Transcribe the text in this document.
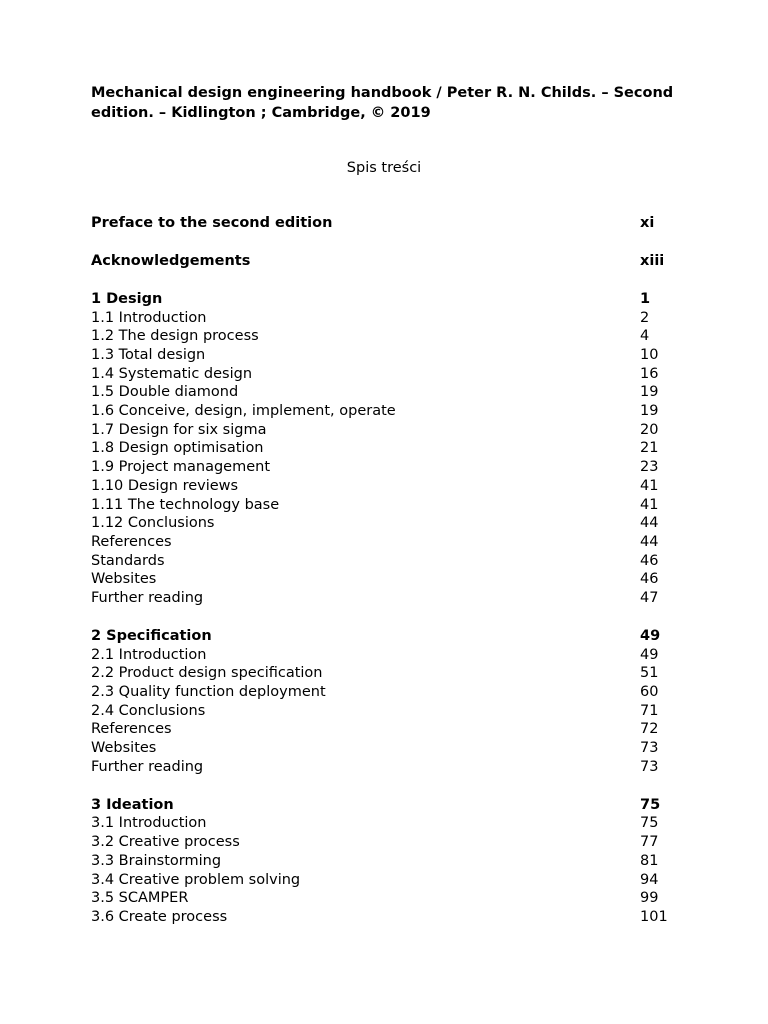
Mechanical design engineering handbook / Peter R. N. Childs. – Second
edition. – Kidlington ; Cambridge, © 2019
Spis treści
Preface to the second edition	xi
Acknowledgements	xiii
1 Design	1
1.1 Introduction	2
1.2 The design process	4
1.3 Total design	10
1.4 Systematic design	16
1.5 Double diamond	19
1.6 Conceive, design, implement, operate	19
1.7 Design for six sigma	20
1.8 Design optimisation	21
1.9 Project management	23
1.10 Design reviews	41
1.11 The technology base	41
1.12 Conclusions	44
References	44
Standards	46
Websites	46
Further reading	47
2 Specification	49
2.1 Introduction	49
2.2 Product design specification	51
2.3 Quality function deployment	60
2.4 Conclusions	71
References	72
Websites	73
Further reading	73
3 Ideation	75
3.1 Introduction	75
3.2 Creative process	77
3.3 Brainstorming	81
3.4 Creative problem solving	94
3.5 SCAMPER	99
3.6 Create process	101
